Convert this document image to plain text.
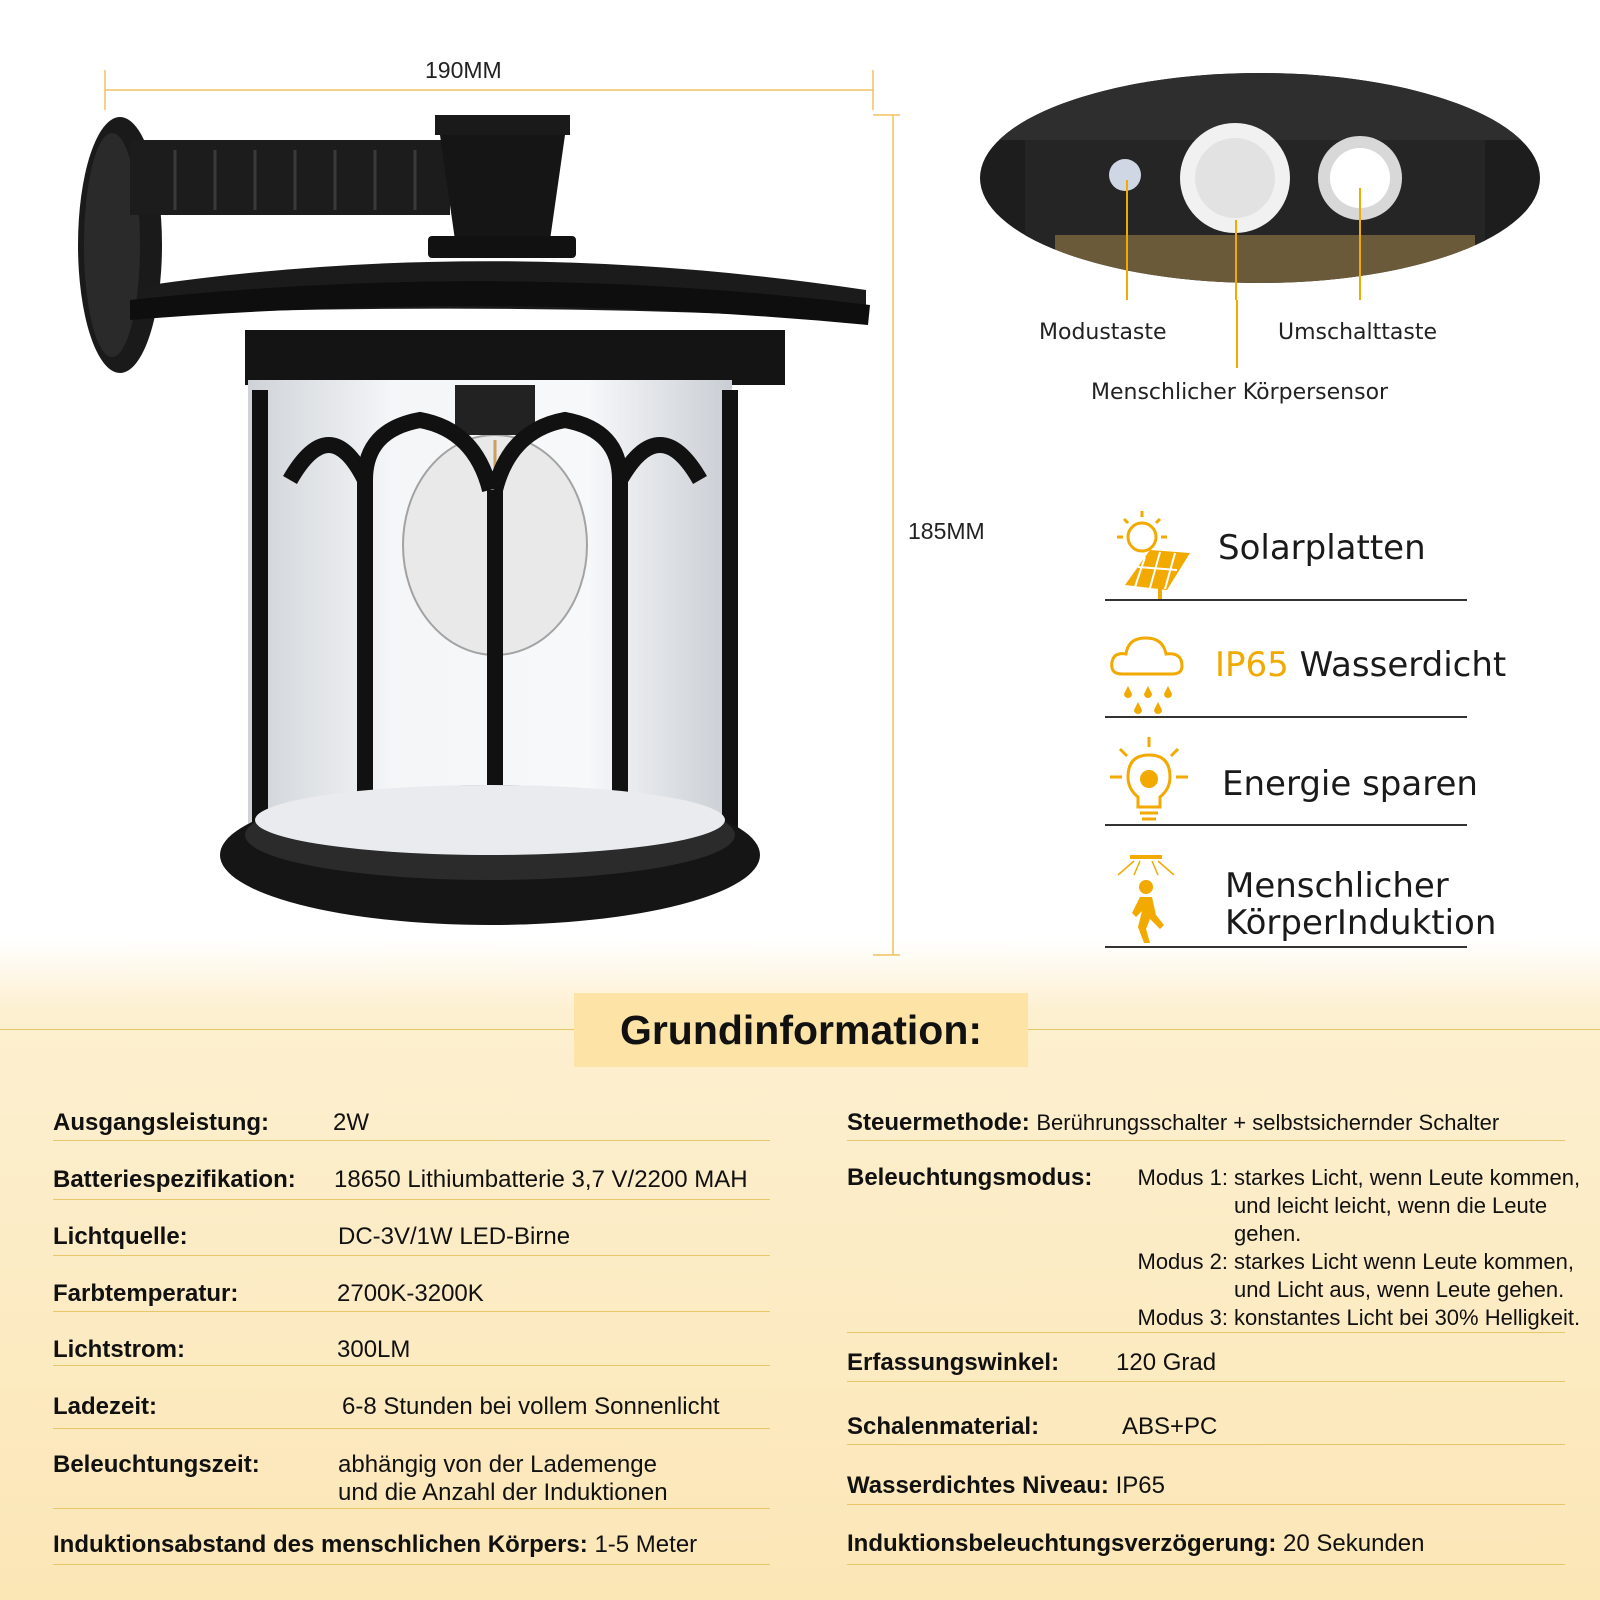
190MM
185MM
Modustaste	Umschalttaste
Menschlicher Körpersensor
Solarplatten
IP65 Wasserdicht
Energie sparen
Menschlicher
KörperInduktion
Grundinformation:
Ausgangsleistung:	2W
Batteriespezifikation: 18650 Lithiumbatterie 3,7 V/2200 MAH
Lichtquelle:	DC-3V/1W LED-Birne
Farbtemperatur:	2700K-3200K
Lichtstrom:	300LM
Ladezeit:	6-8 Stunden bei vollem Sonnenlicht
Beleuchtungszeit:	abhängig von der Lademenge
und die Anzahl der Induktionen
Induktionsabstand des menschlichen Körpers: 1-5 Meter
Steuermethode: Berührungsschalter + selbstsichernder Schalter
Beleuchtungsmodus:	Modus 1: starkes Licht, wenn Leute kommen,
und leicht leicht, wenn die Leute
gehen.
Modus 2: starkes Licht wenn Leute kommen,
und Licht aus, wenn Leute gehen.
Modus 3: konstantes Licht bei 30% Helligkeit.
Erfassungswinkel: 120 Grad
Schalenmaterial:	ABS+PC
Wasserdichtes Niveau: IP65
Induktionsbeleuchtungsverzögerung: 20 Sekunden
